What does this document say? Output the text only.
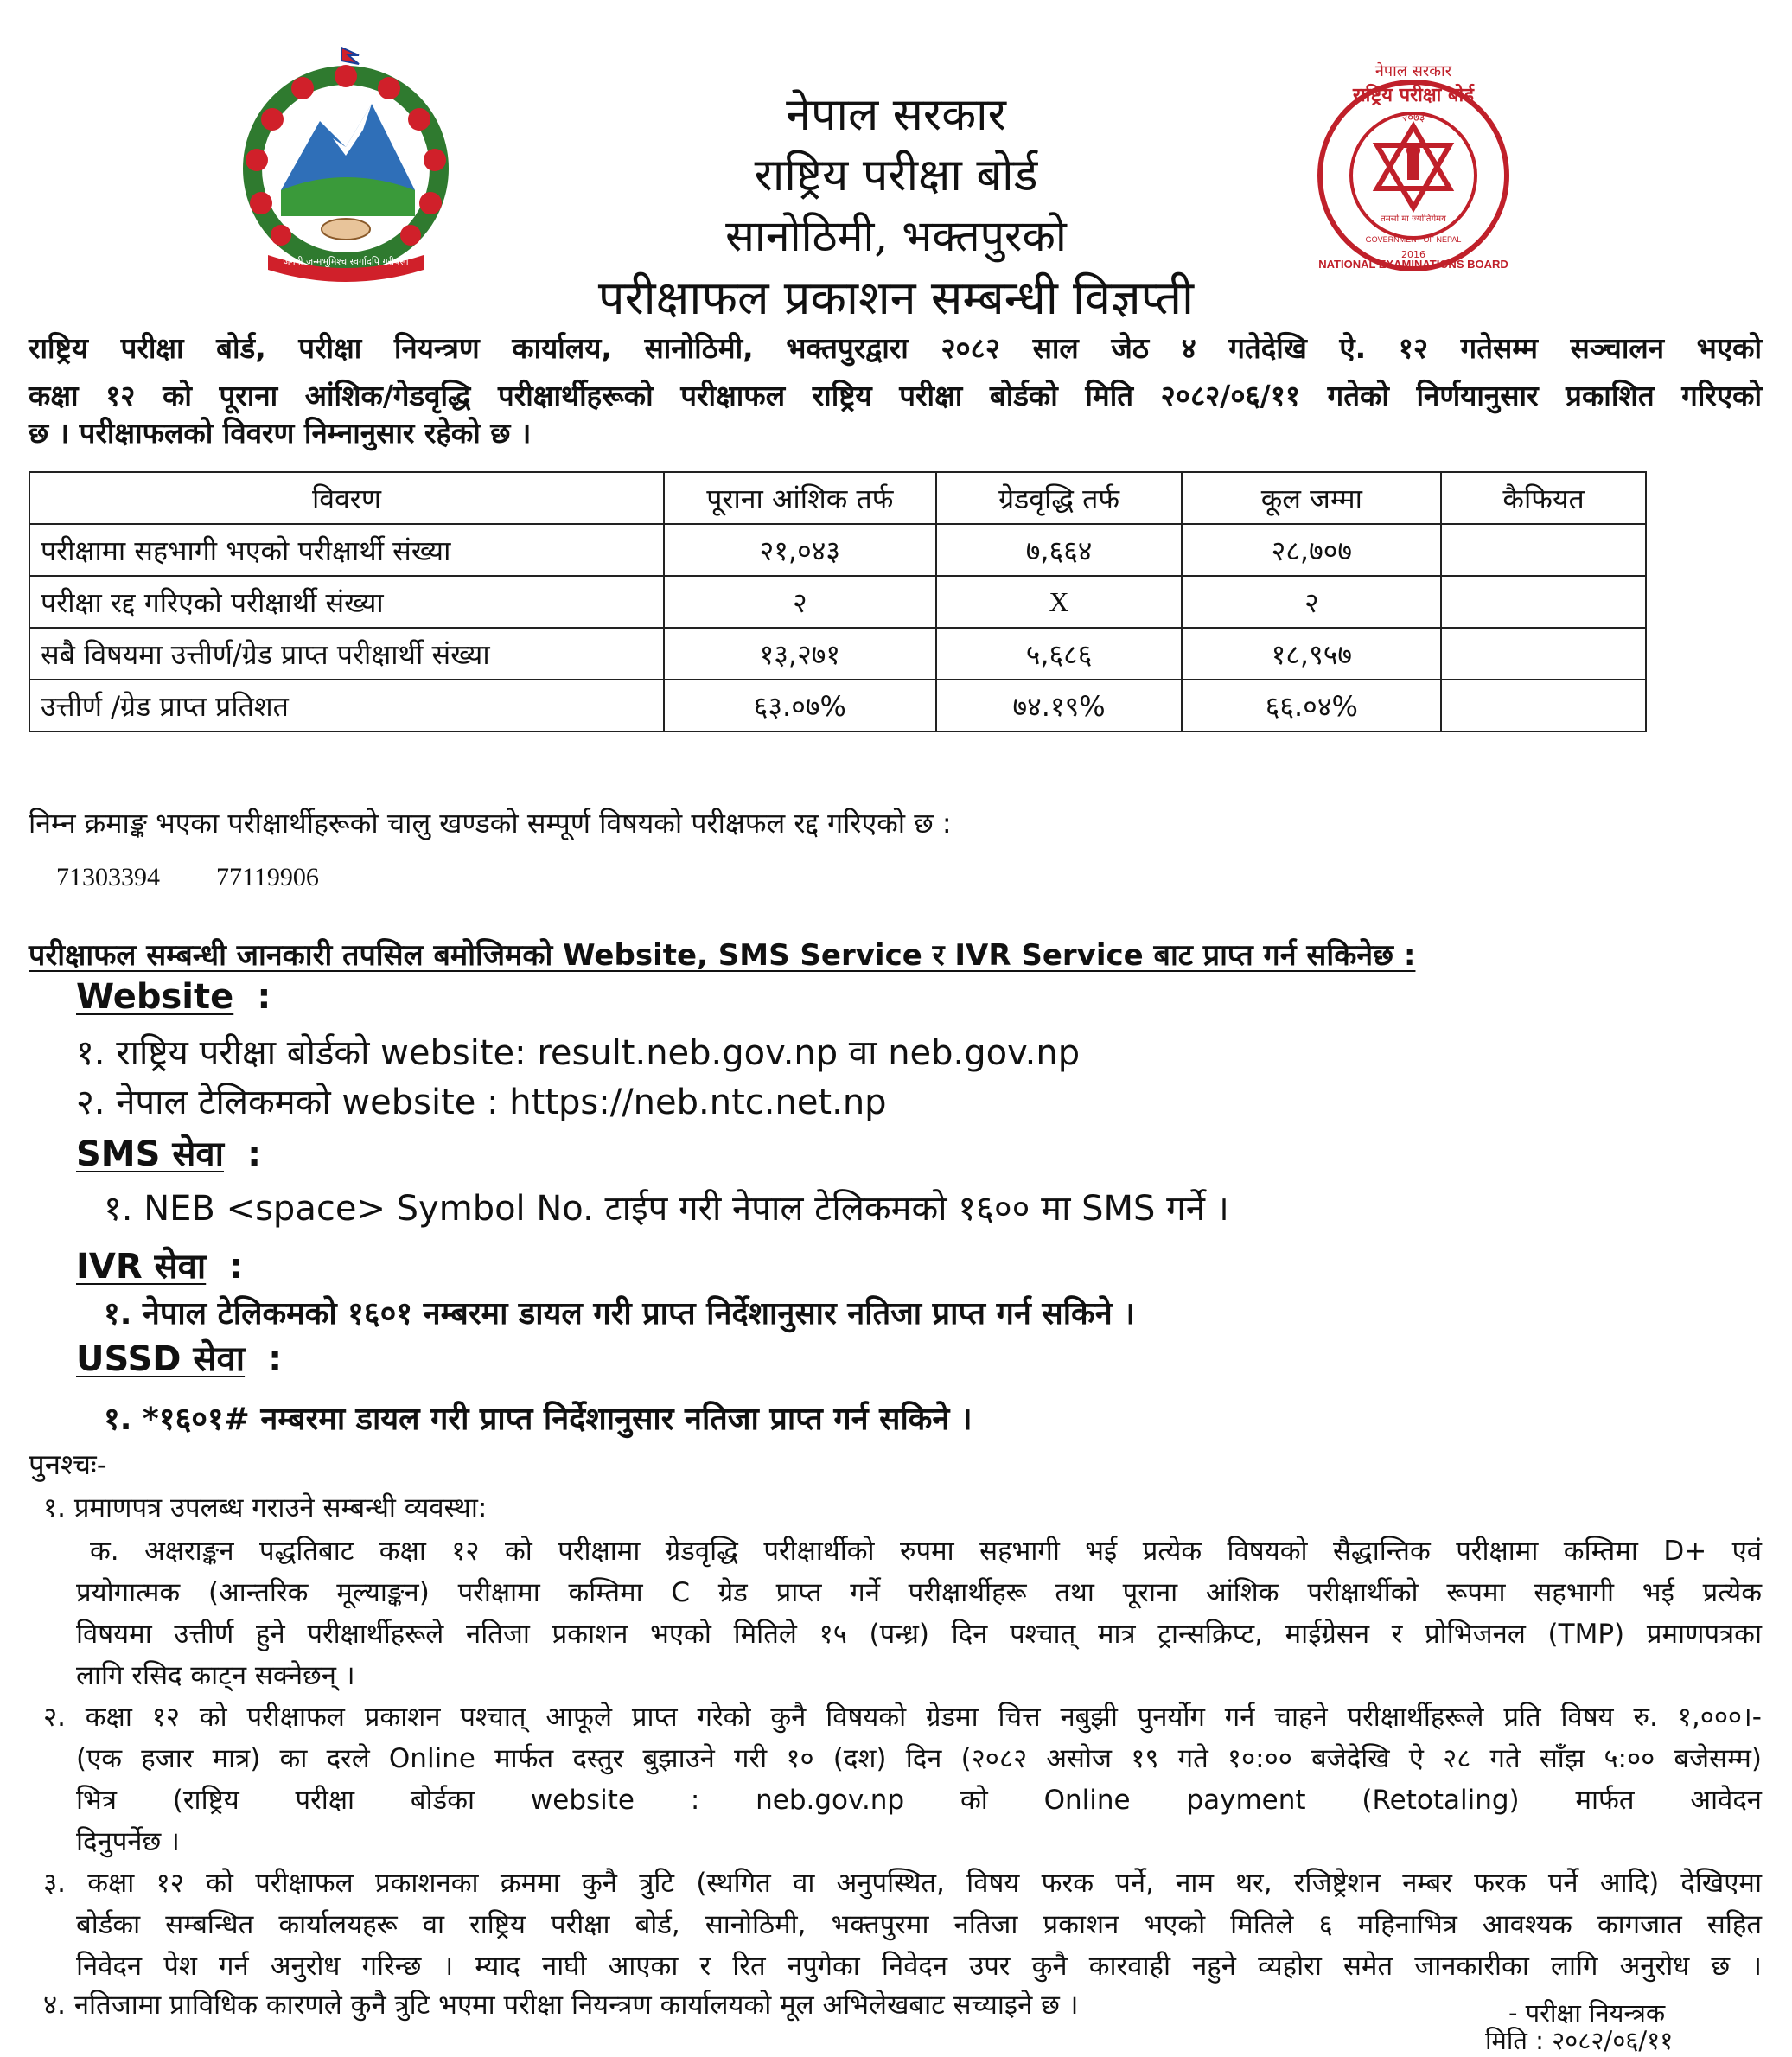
जननी जन्मभूमिश्च स्वर्गादपि गरीयसी
नेपाल सरकार
राष्ट्रिय परीक्षा बोर्ड
२०७३
तमसो मा ज्योतिर्गमय
2016
GOVERNMENT OF NEPAL
NATIONAL EXAMINATIONS BOARD
नेपाल सरकार
राष्ट्रिय परीक्षा बोर्ड
सानोठिमी, भक्तपुरको
परीक्षाफल प्रकाशन सम्बन्धी विज्ञप्ती
राष्ट्रिय परीक्षा बोर्ड, परीक्षा नियन्त्रण कार्यालय, सानोठिमी, भक्तपुरद्वारा २०८२ साल जेठ ४ गतेदेखि ऐ. १२ गतेसम्म सञ्चालन भएको
कक्षा १२ को पूराना आंशिक/गेडवृद्धि परीक्षार्थीहरूको परीक्षाफल राष्ट्रिय परीक्षा बोर्डको मिति २०८२/०६/११ गतेको निर्णयानुसार प्रकाशित गरिएको
छ । परीक्षाफलको विवरण निम्नानुसार रहेको छ ।
विवरण	पूराना आंशिक तर्फ	ग्रेडवृद्धि तर्फ	कूल जम्मा	कैफियत
परीक्षामा सहभागी भएको परीक्षार्थी संख्या	२१,०४३	७,६६४	२८,७०७	
परीक्षा रद्द गरिएको परीक्षार्थी संख्या	२	X	२	
सबै विषयमा उत्तीर्ण/ग्रेड प्राप्त परीक्षार्थी संख्या	१३,२७१	५,६८६	१८,९५७	
उत्तीर्ण /ग्रेड प्राप्त प्रतिशत	६३.०७%	७४.१९%	६६.०४%	
निम्न क्रमाङ्क भएका परीक्षार्थीहरूको चालु खण्डको सम्पूर्ण विषयको परीक्षफल रद्द गरिएको छ :
71303394 77119906
परीक्षाफल सम्बन्धी जानकारी तपसिल बमोजिमको Website, SMS Service र IVR Service बाट प्राप्त गर्न सकिनेछ :
Website :
१. राष्ट्रिय परीक्षा बोर्डको website: result.neb.gov.np वा neb.gov.np
२. नेपाल टेलिकमको website : https://neb.ntc.net.np
SMS सेवा :
१. NEB <space> Symbol No. टाईप गरी नेपाल टेलिकमको १६०० मा SMS गर्ने ।
IVR सेवा :
१. नेपाल टेलिकमको १६०१ नम्बरमा डायल गरी प्राप्त निर्देशानुसार नतिजा प्राप्त गर्न सकिने ।
USSD सेवा :
१. *१६०१# नम्बरमा डायल गरी प्राप्त निर्देशानुसार नतिजा प्राप्त गर्न सकिने ।
पुनश्चः-
१. प्रमाणपत्र उपलब्ध गराउने सम्बन्धी व्यवस्था:
क. अक्षराङ्कन पद्धतिबाट कक्षा १२ को परीक्षामा ग्रेडवृद्धि परीक्षार्थीको रुपमा सहभागी भई प्रत्येक विषयको सैद्धान्तिक परीक्षामा कम्तिमा D+ एवं
प्रयोगात्मक (आन्तरिक मूल्याङ्कन) परीक्षामा कम्तिमा C ग्रेड प्राप्त गर्ने परीक्षार्थीहरू तथा पूराना आंशिक परीक्षार्थीको रूपमा सहभागी भई प्रत्येक
विषयमा उत्तीर्ण हुने परीक्षार्थीहरूले नतिजा प्रकाशन भएको मितिले १५ (पन्ध्र) दिन पश्चात् मात्र ट्रान्सक्रिप्ट, माईग्रेसन र प्रोभिजनल (TMP) प्रमाणपत्रका
लागि रसिद काट्न सक्नेछन् ।
२. कक्षा १२ को परीक्षाफल प्रकाशन पश्चात् आफूले प्राप्त गरेको कुनै विषयको ग्रेडमा चित्त नबुझी पुनर्योग गर्न चाहने परीक्षार्थीहरूले प्रति विषय रु. १,०००।-
(एक हजार मात्र) का दरले Online मार्फत दस्तुर बुझाउने गरी १० (दश) दिन (२०८२ असोज १९ गते १०:०० बजेदेखि ऐ २८ गते साँझ ५:०० बजेसम्म)
भित्र (राष्ट्रिय परीक्षा बोर्डका website : neb.gov.np को Online payment (Retotaling) मार्फत आवेदन
दिनुपर्नेछ ।
३. कक्षा १२ को परीक्षाफल प्रकाशनका क्रममा कुनै त्रुटि (स्थगित वा अनुपस्थित, विषय फरक पर्ने, नाम थर, रजिष्ट्रेशन नम्बर फरक पर्ने आदि) देखिएमा
बोर्डका सम्बन्धित कार्यालयहरू वा राष्ट्रिय परीक्षा बोर्ड, सानोठिमी, भक्तपुरमा नतिजा प्रकाशन भएको मितिले ६ महिनाभित्र आवश्यक कागजात सहित
निवेदन पेश गर्न अनुरोध गरिन्छ । म्याद नाघी आएका र रित नपुगेका निवेदन उपर कुनै कारवाही नहुने व्यहोरा समेत जानकारीका लागि अनुरोध छ ।
४. नतिजामा प्राविधिक कारणले कुनै त्रुटि भएमा परीक्षा नियन्त्रण कार्यालयको मूल अभिलेखबाट सच्याइने छ ।	- परीक्षा नियन्त्रक
मिति : २०८२/०६/११
